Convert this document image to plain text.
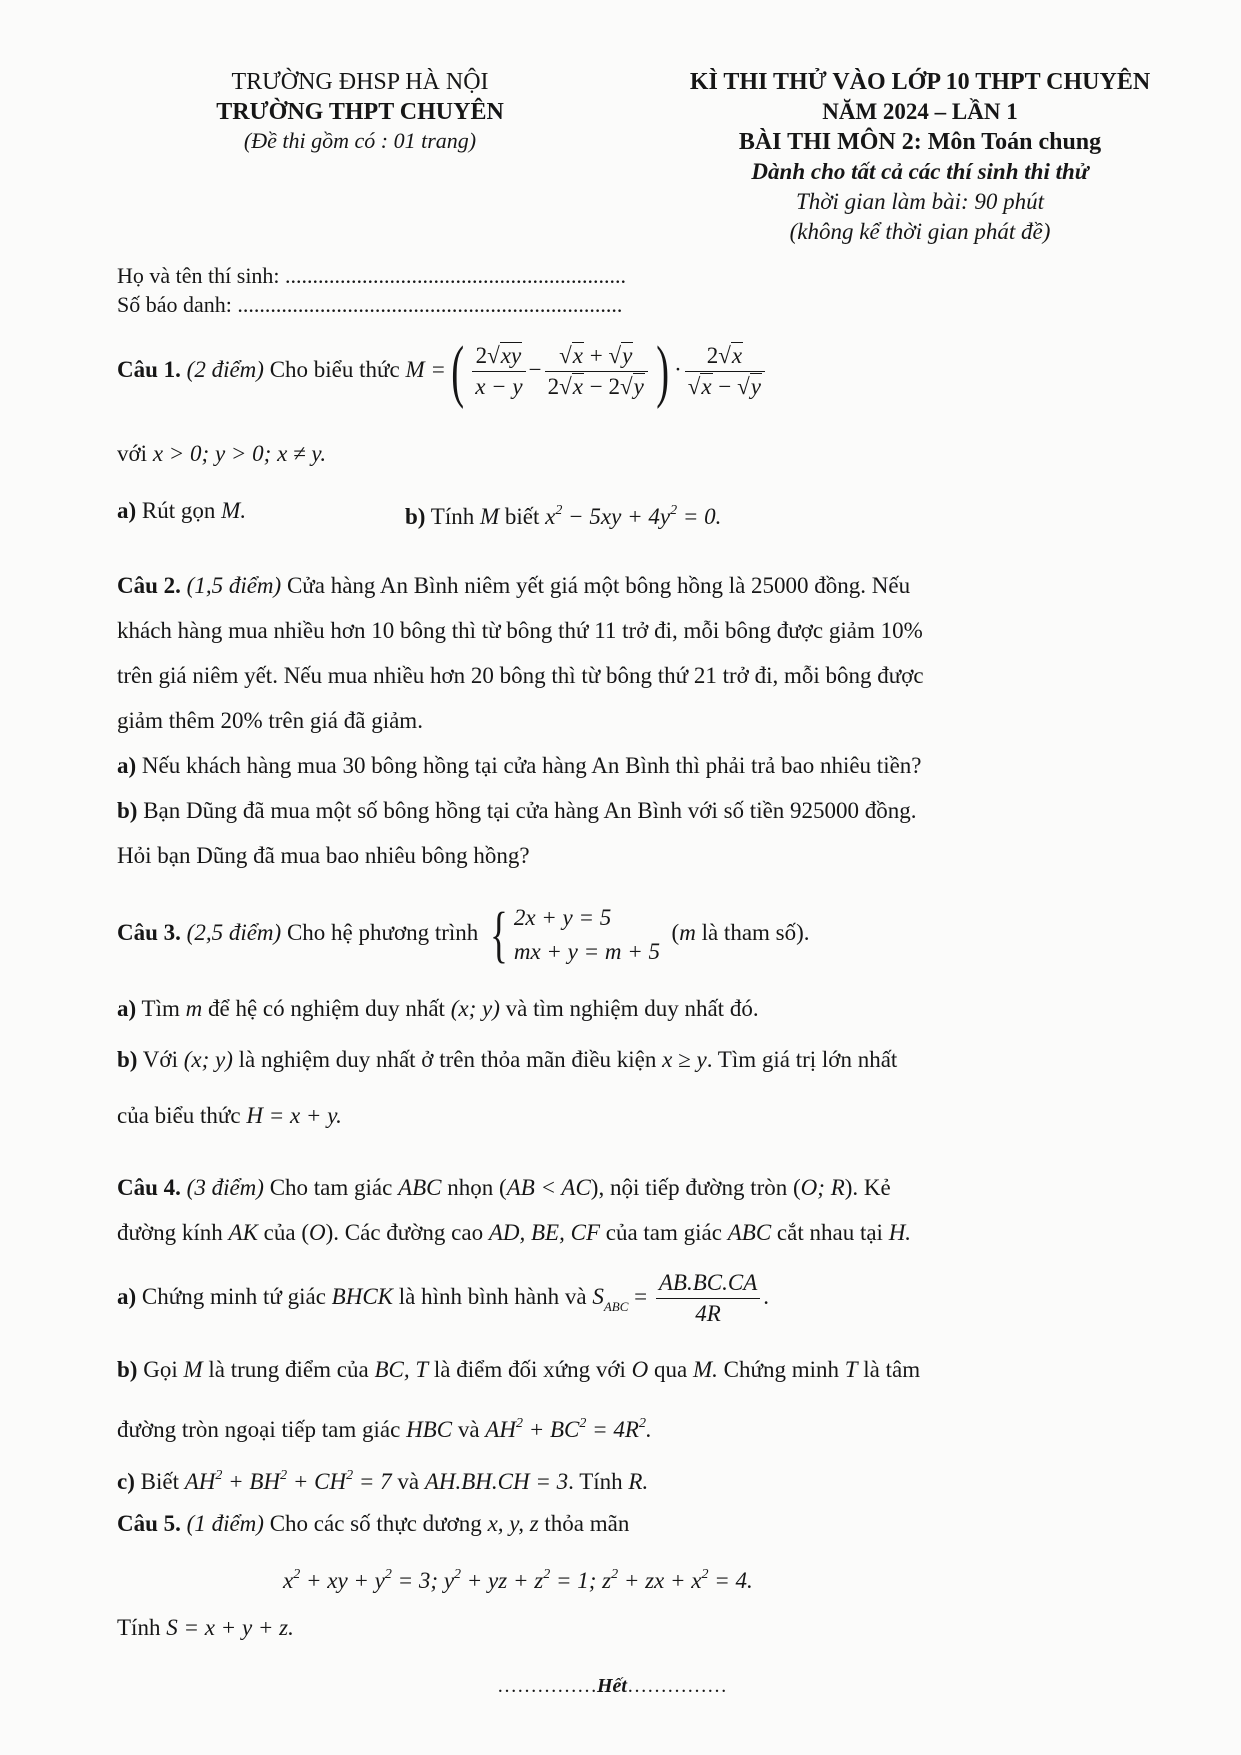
TRƯỜNG ĐHSP HÀ NỘI
TRƯỜNG THPT CHUYÊN
(Đề thi gồm có : 01 trang)
KÌ THI THỬ VÀO LỚP 10 THPT CHUYÊN
NĂM 2024 – LẦN 1
BÀI THI MÔN 2: Môn Toán chung
Dành cho tất cả các thí sinh thi thử
Thời gian làm bài: 90 phút
(không kể thời gian phát đề)
Họ và tên thí sinh: ..............................................................
Số báo danh: ......................................................................
Câu 1. (2 điểm) Cho biểu thức M =( $\frac{2√xy}{x - y} - \frac{√x + √y}{2√x - 2√y}$ ) · $\frac{2√x}{√x - √y}$
với x > 0; y > 0; x ≠ y.
a) Rút gọn M.	b) Tính M biết $x^2 - 5xy + 4y^2 = 0$.
Câu 2. (1,5 điểm) Cửa hàng An Bình niêm yết giá một bông hồng là 25000 đồng. Nếu
khách hàng mua nhiều hơn 10 bông thì từ bông thứ 11 trở đi, mỗi bông được giảm 10%
trên giá niêm yết. Nếu mua nhiều hơn 20 bông thì từ bông thứ 21 trở đi, mỗi bông được
giảm thêm 20% trên giá đã giảm.
a) Nếu khách hàng mua 30 bông hồng tại cửa hàng An Bình thì phải trả bao nhiêu tiền?
b) Bạn Dũng đã mua một số bông hồng tại cửa hàng An Bình với số tiền 925000 đồng.
Hỏi bạn Dũng đã mua bao nhiêu bông hồng?
Câu 3. (2,5 điểm) Cho hệ phương trình { 2x + y = 5
mx + y = m + 5
(m là tham số).
a) Tìm m để hệ có nghiệm duy nhất (x; y) và tìm nghiệm duy nhất đó.
b) Với (x; y) là nghiệm duy nhất ở trên thỏa mãn điều kiện x ≥ y. Tìm giá trị lớn nhất
của biểu thức H = x + y.
Câu 4. (3 điểm) Cho tam giác ABC nhọn (AB < AC), nội tiếp đường tròn (O; R). Kẻ
đường kính AK của (O). Các đường cao AD, BE, CF của tam giác ABC cắt nhau tại H.
a) Chứng minh tứ giác BHCK là hình bình hành và $S_{ABC} = \frac{AB.BC.CA}{4R}$ .
b) Gọi M là trung điểm của BC, T là điểm đối xứng với O qua M. Chứng minh T là tâm
đường tròn ngoại tiếp tam giác HBC và $AH^2 + BC^2 = 4R^2$.
c) Biết $AH^2 + BH^2 + CH^2 = 7$ và AH.BH.CH = 3. Tính R.
Câu 5. (1 điểm) Cho các số thực dương x, y, z thỏa mãn
$x^2$ + xy + $y^2 = 3$; $y^2$ + yz + $z^2 = 1$; $z^2$ + zx + $x^2 = 4$.
Tính S = x + y + z.
……………Hết……………
